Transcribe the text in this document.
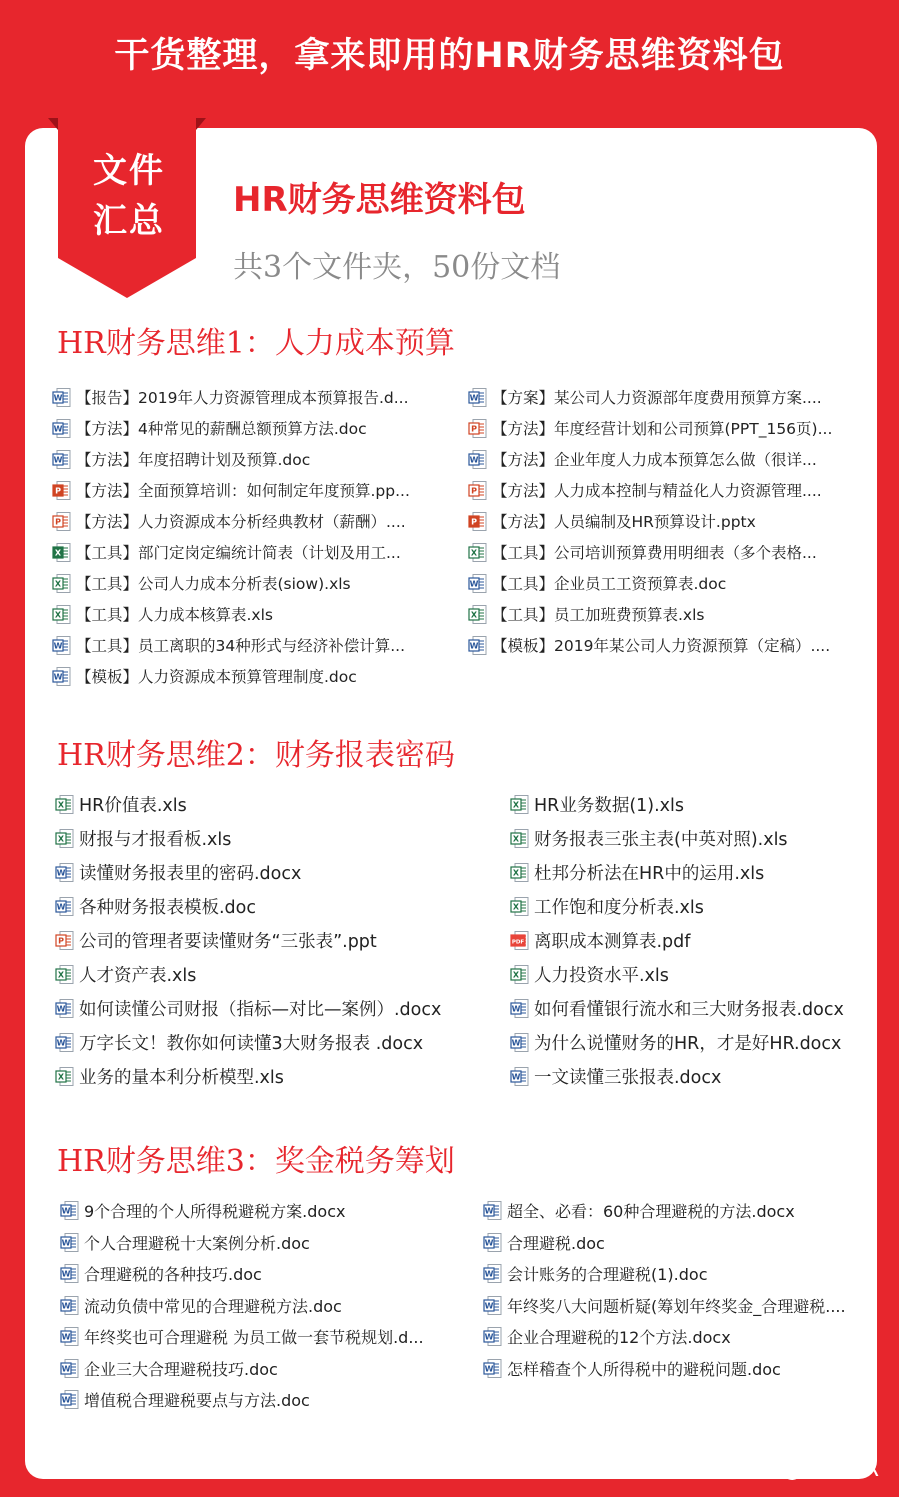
干货整理，拿来即用的HR财务思维资料包
文件
汇总
HR财务思维资料包
共3个文件夹，50份文档
HR财务思维1：人力成本预算
HR财务思维2：财务报表密码
HR财务思维3：奖金税务筹划
W 【报告】2019年人力资源管理成本预算报告.d...	W 【方案】某公司人力资源部年度费用预算方案....
W 【方法】4种常见的薪酬总额预算方法.doc	P 【方法】年度经营计划和公司预算(PPT_156页)...
W 【方法】年度招聘计划及预算.doc	W 【方法】企业年度人力成本预算怎么做（很详...
P 【方法】全面预算培训：如何制定年度预算.pp...	P 【方法】人力成本控制与精益化人力资源管理....
P 【方法】人力资源成本分析经典教材（薪酬）....	P 【方法】人员编制及HR预算设计.pptx
X 【工具】部门定岗定编统计简表（计划及用工...	X 【工具】公司培训预算费用明细表（多个表格...
X 【工具】公司人力成本分析表(siow).xls	W 【工具】企业员工工资预算表.doc
X 【工具】人力成本核算表.xls	X 【工具】员工加班费预算表.xls
W 【工具】员工离职的34种形式与经济补偿计算...	W 【模板】2019年某公司人力资源预算（定稿）....
W 【模板】人力资源成本预算管理制度.doc
X HR价值表.xls	X HR业务数据(1).xls
X 财报与才报看板.xls	X 财务报表三张主表(中英对照).xls
W 读懂财务报表里的密码.docx	X 杜邦分析法在HR中的运用.xls
W 各种财务报表模板.doc	X 工作饱和度分析表.xls
P 公司的管理者要读懂财务“三张表”.ppt	PDF 离职成本测算表.pdf
X 人才资产表.xls	X 人力投资水平.xls
W 如何读懂公司财报（指标—对比—案例）.docx	W 如何看懂银行流水和三大财务报表.docx
W 万字长文！教你如何读懂3大财务报表 .docx	W 为什么说懂财务的HR，才是好HR.docx
X 业务的量本利分析模型.xls	W 一文读懂三张报表.docx
W 9个合理的个人所得税避税方案.docx	W 超全、必看：60种合理避税的方法.docx
W 个人合理避税十大案例分析.doc	W 合理避税.doc
W 合理避税的各种技巧.doc	W 会计账务的合理避税(1).doc
W 流动负债中常见的合理避税方法.doc	W 年终奖八大问题析疑(筹划年终奖金_合理避税....
W 年终奖也可合理避税 为员工做一套节税规划.d...	W 企业合理避税的12个方法.docx
W 企业三大合理避税技巧.doc	W 怎样稽查个人所得税中的避税问题.doc
W 增值税合理避税要点与方法.doc
头条 @儒思HR
